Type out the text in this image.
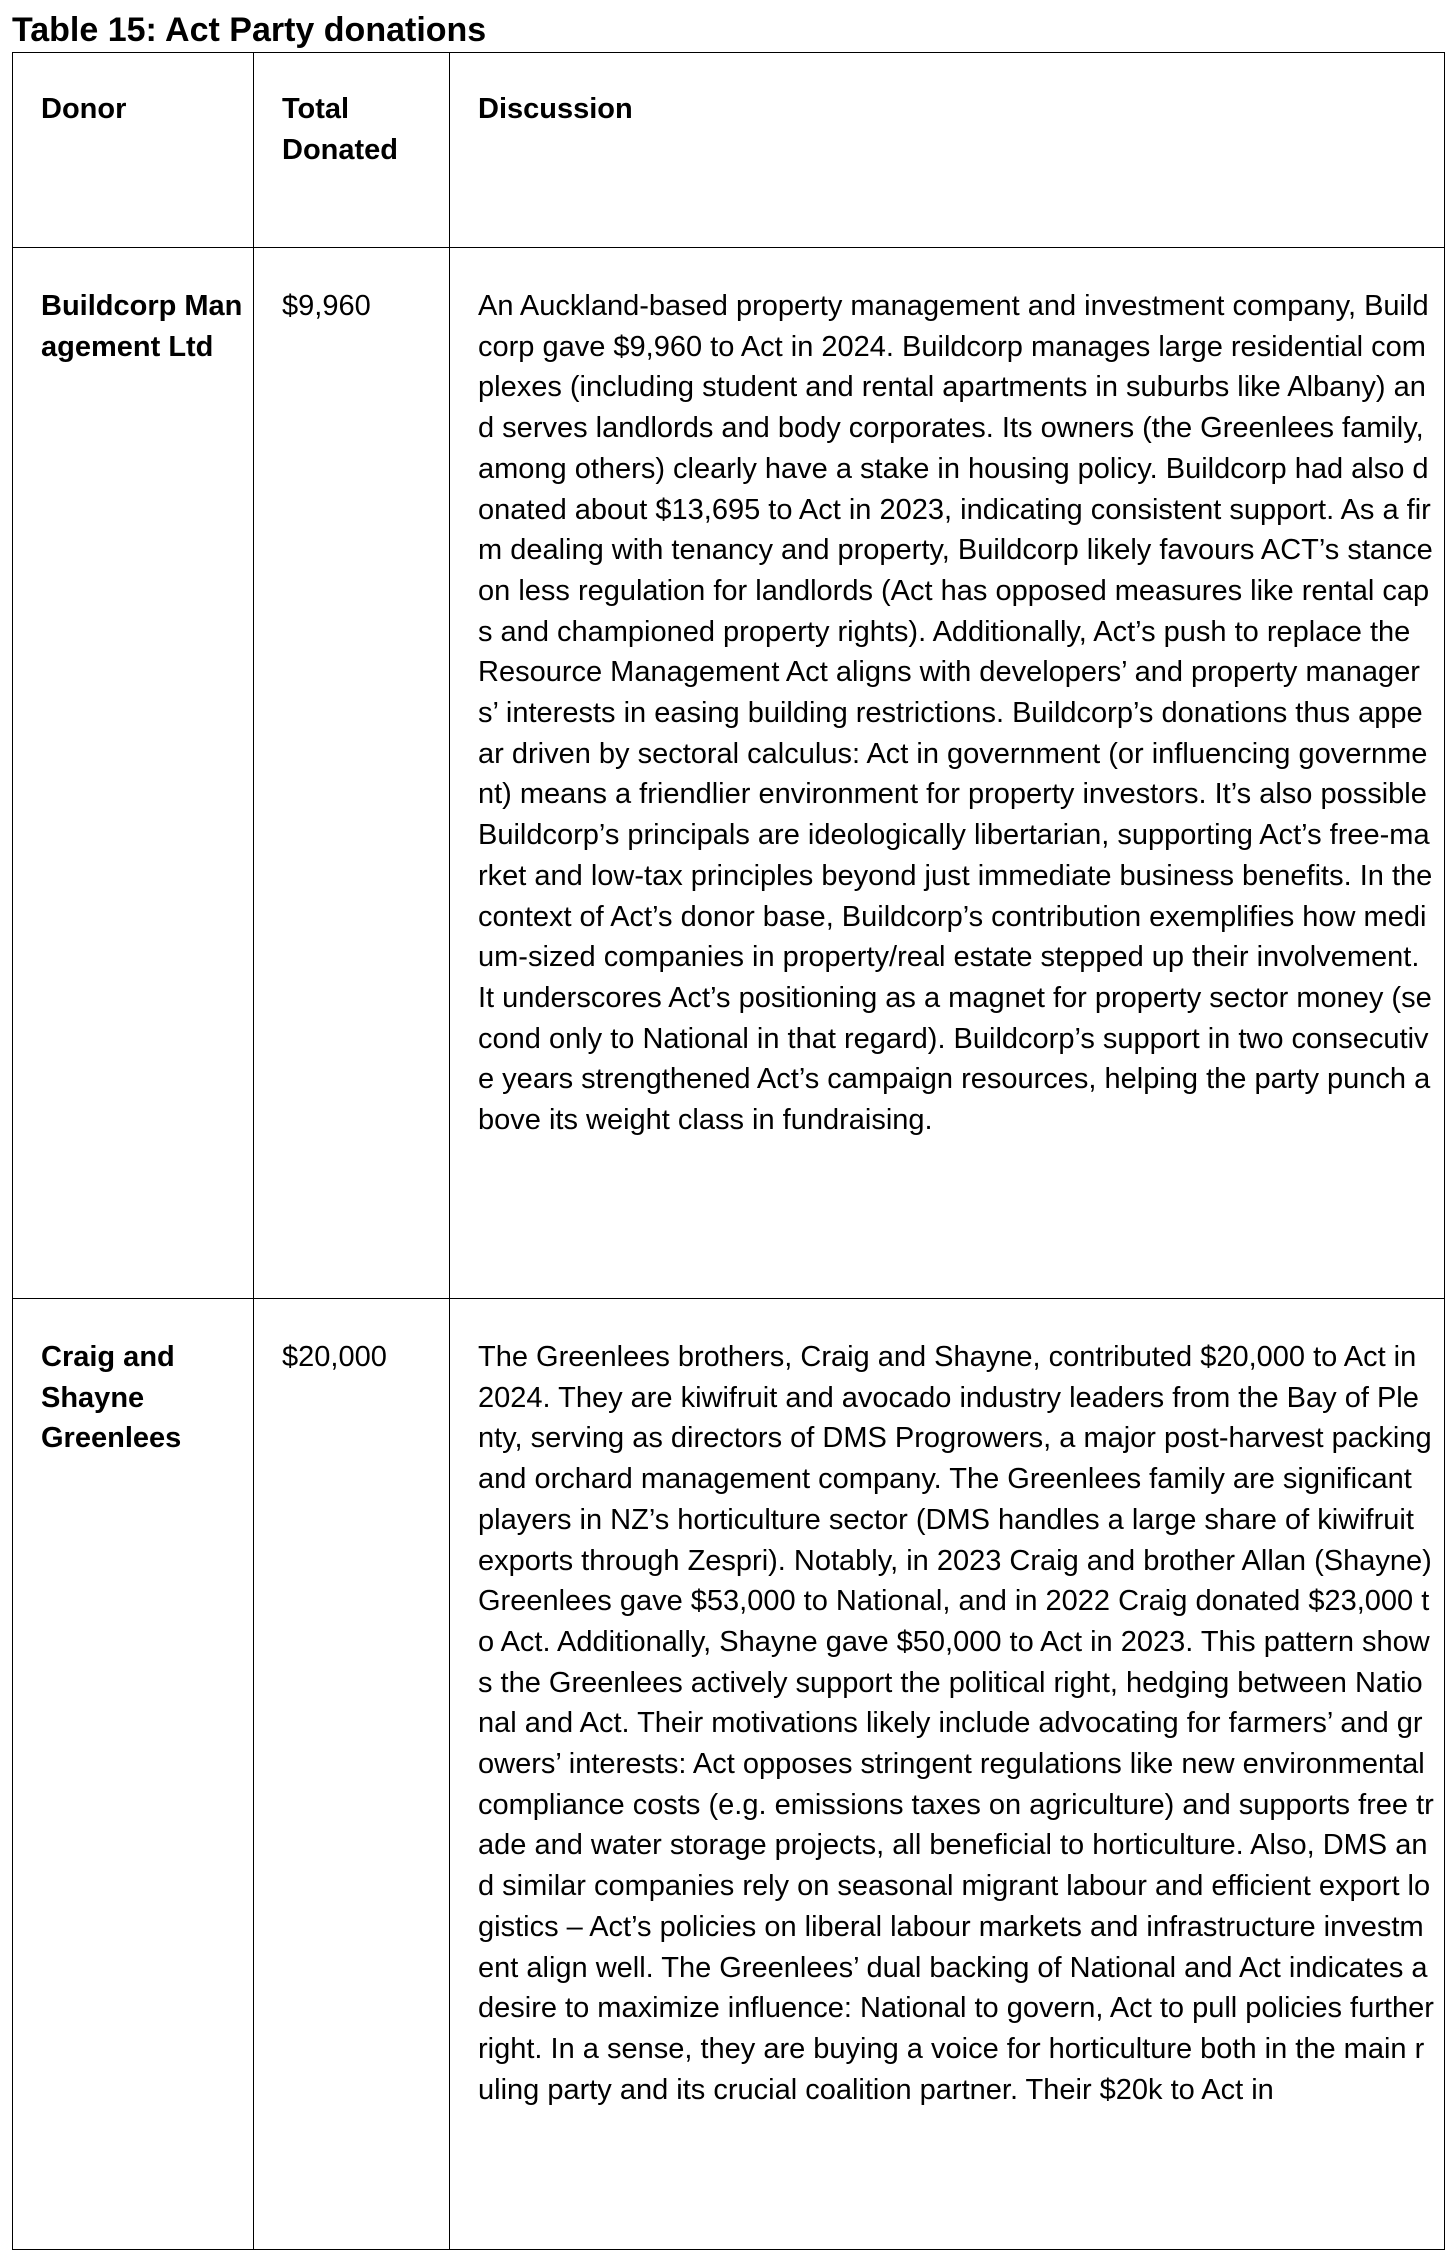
Table 15: Act Party donations
Donor	Total Donated	Discussion
Buildcorp Management Ltd	$9,960	An Auckland-based property management and investment company, Buildcorp gave $9,960 to Act in 2024. Buildcorp manages large residential complexes (including student and rental apartments in suburbs like Albany) and serves landlords and body corporates. Its owners (the Greenlees family, among others) clearly have a stake in housing policy. Buildcorp had also donated about $13,695 to Act in 2023, indicating consistent support. As a firm dealing with tenancy and property, Buildcorp likely favours ACT’s stance on less regulation for landlords (Act has opposed measures like rental caps and championed property rights). Additionally, Act’s push to replace the Resource Management Act aligns with developers’ and property managers’ interests in easing building restrictions. Buildcorp’s donations thus appear driven by sectoral calculus: Act in government (or influencing government) means a friendlier environment for property investors. It’s also possible Buildcorp’s principals are ideologically libertarian, supporting Act’s free-market and low-tax principles beyond just immediate business benefits. In the context of Act’s donor base, Buildcorp’s contribution exemplifies how medium-sized companies in property/real estate stepped up their involvement. It underscores Act’s positioning as a magnet for property sector money (second only to National in that regard). Buildcorp’s support in two consecutive years strengthened Act’s campaign resources, helping the party punch above its weight class in fundraising.
Craig and Shayne Greenlees	$20,000	The Greenlees brothers, Craig and Shayne, contributed $20,000 to Act in 2024. They are kiwifruit and avocado industry leaders from the Bay of Plenty, serving as directors of DMS Progrowers, a major post-harvest packing and orchard management company. The Greenlees family are significant players in NZ’s horticulture sector (DMS handles a large share of kiwifruit exports through Zespri). Notably, in 2023 Craig and brother Allan (Shayne) Greenlees gave $53,000 to National, and in 2022 Craig donated $23,000 to Act. Additionally, Shayne gave $50,000 to Act in 2023. This pattern shows the Greenlees actively support the political right, hedging between National and Act. Their motivations likely include advocating for farmers’ and growers’ interests: Act opposes stringent regulations like new environmental compliance costs (e.g. emissions taxes on agriculture) and supports free trade and water storage projects, all beneficial to horticulture. Also, DMS and similar companies rely on seasonal migrant labour and efficient export logistics – Act’s policies on liberal labour markets and infrastructure investment align well. The Greenlees’ dual backing of National and Act indicates a desire to maximize influence: National to govern, Act to pull policies further right. In a sense, they are buying a voice for horticulture both in the main ruling party and its crucial coalition partner. Their $20k to Act in
